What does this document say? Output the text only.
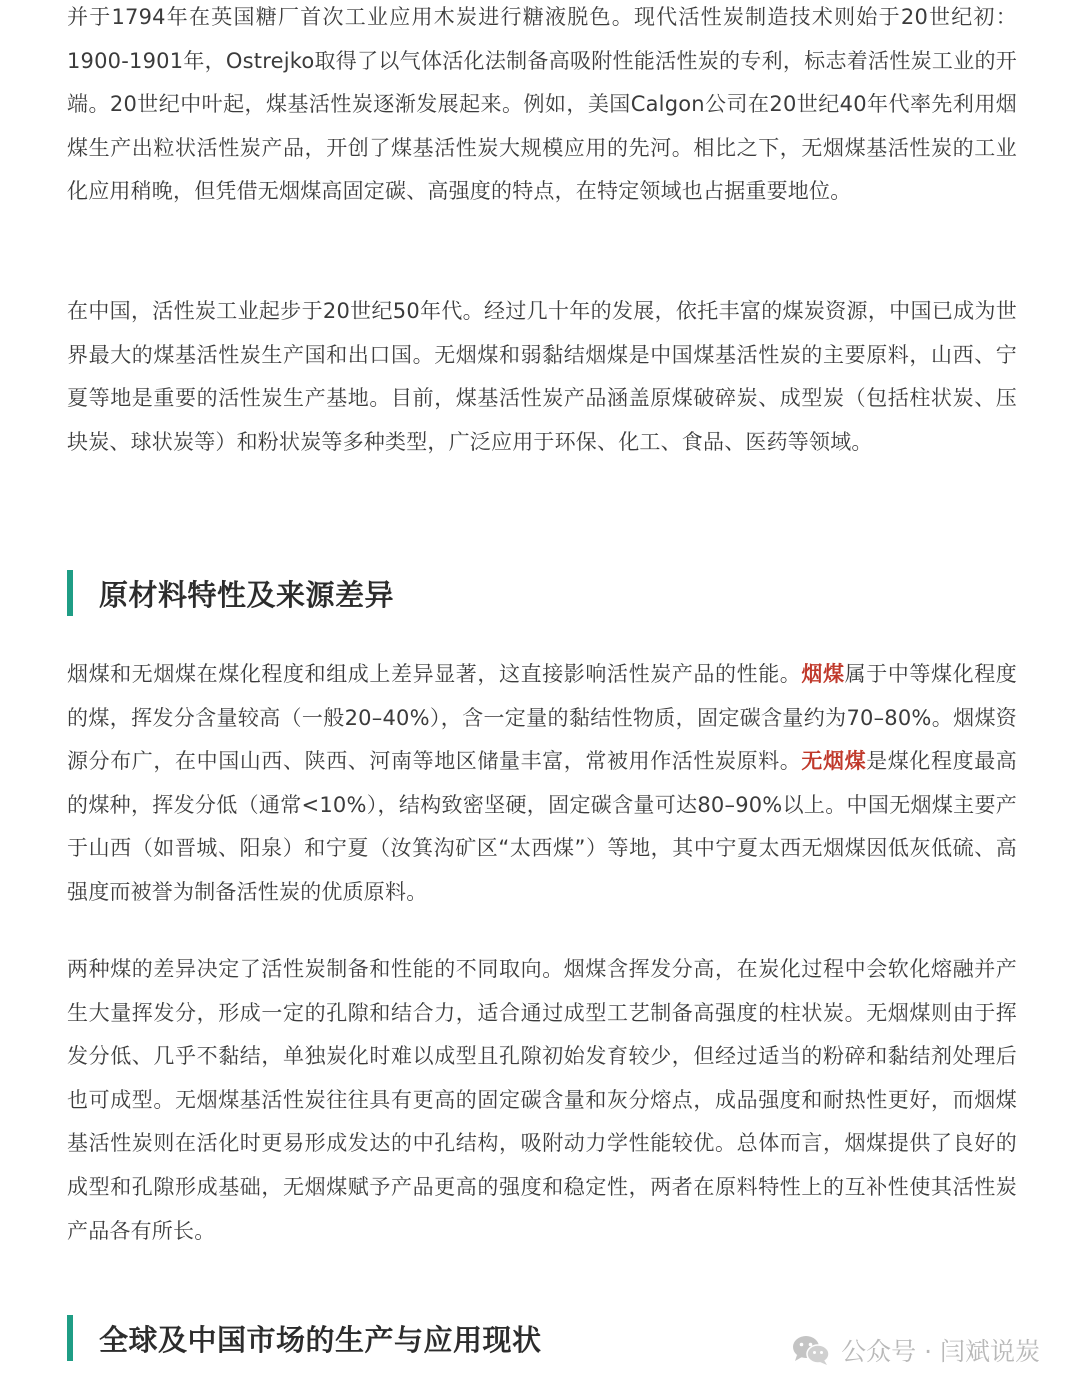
并于1794年在英国糖厂首次工业应用木炭进行糖液脱色。现代活性炭制造技术则始于20世纪初：1900-1901年，Ostrejko取得了以气体活化法制备高吸附性能活性炭的专利，标志着活性炭工业的开端。20世纪中叶起，煤基活性炭逐渐发展起来。例如，美国Calgon公司在20世纪40年代率先利用烟煤生产出粒状活性炭产品，开创了煤基活性炭大规模应用的先河。相比之下，无烟煤基活性炭的工业化应用稍晚，但凭借无烟煤高固定碳、高强度的特点，在特定领域也占据重要地位。

在中国，活性炭工业起步于20世纪50年代。经过几十年的发展，依托丰富的煤炭资源，中国已成为世界最大的煤基活性炭生产国和出口国。无烟煤和弱黏结烟煤是中国煤基活性炭的主要原料，山西、宁夏等地是重要的活性炭生产基地。目前，煤基活性炭产品涵盖原煤破碎炭、成型炭（包括柱状炭、压块炭、球状炭等）和粉状炭等多种类型，广泛应用于环保、化工、食品、医药等领域。

原材料特性及来源差异

烟煤和无烟煤在煤化程度和组成上差异显著，这直接影响活性炭产品的性能。烟煤属于中等煤化程度的煤，挥发分含量较高（一般20–40%），含一定量的黏结性物质，固定碳含量约为70–80%。烟煤资源分布广，在中国山西、陕西、河南等地区储量丰富，常被用作活性炭原料。无烟煤是煤化程度最高的煤种，挥发分低（通常<10%），结构致密坚硬，固定碳含量可达80–90%以上。中国无烟煤主要产于山西（如晋城、阳泉）和宁夏（汝箕沟矿区“太西煤”）等地，其中宁夏太西无烟煤因低灰低硫、高强度而被誉为制备活性炭的优质原料。

两种煤的差异决定了活性炭制备和性能的不同取向。烟煤含挥发分高，在炭化过程中会软化熔融并产生大量挥发分，形成一定的孔隙和结合力，适合通过成型工艺制备高强度的柱状炭。无烟煤则由于挥发分低、几乎不黏结，单独炭化时难以成型且孔隙初始发育较少，但经过适当的粉碎和黏结剂处理后也可成型。无烟煤基活性炭往往具有更高的固定碳含量和灰分熔点，成品强度和耐热性更好，而烟煤基活性炭则在活化时更易形成发达的中孔结构，吸附动力学性能较优。总体而言，烟煤提供了良好的成型和孔隙形成基础，无烟煤赋予产品更高的强度和稳定性，两者在原料特性上的互补性使其活性炭产品各有所长。

全球及中国市场的生产与应用现状	公众号 · 闫斌说炭
